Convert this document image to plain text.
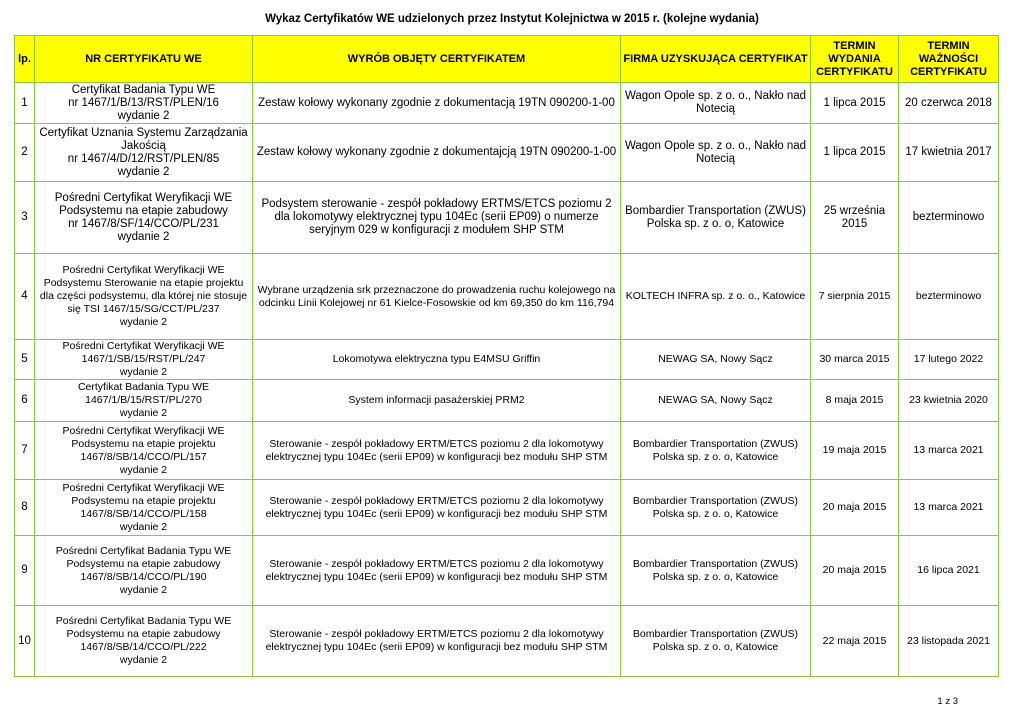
Wykaz Certyfikatów WE udzielonych przez Instytut Kolejnictwa w 2015 r. (kolejne wydania)
lp.	NR CERTYFIKATU WE	WYRÓB OBJĘTY CERTYFIKATEM	FIRMA UZYSKUJĄCA CERTYFIKAT	TERMIN WYDANIA CERTYFIKATU	TERMIN WAŻNOŚCI CERTYFIKATU
1	Certyfikat Badania Typu WE
nr 1467/1/B/13/RST/PLEN/16
wydanie 2	Zestaw kołowy wykonany zgodnie z dokumentacją 19TN 090200-1-00	Wagon Opole sp. z o. o., Nakło nad Notecią	1 lipca 2015	20 czerwca 2018
2	Certyfikat Uznania Systemu Zarządzania Jakością
nr 1467/4/D/12/RST/PLEN/85
wydanie 2	Zestaw kołowy wykonany zgodnie z dokumentajcją 19TN 090200-1-00	Wagon Opole sp. z o. o., Nakło nad Notecią	1 lipca 2015	17 kwietnia 2017
3	Pośredni Certyfikat Weryfikacji WE Podsystemu na etapie zabudowy
nr 1467/8/SF/14/CCO/PL/231
wydanie 2	Podsystem sterowanie - zespół pokładowy ERTMS/ETCS poziomu 2 dla lokomotywy elektrycznej typu 104Ec (serii EP09) o numerze seryjnym 029 w konfiguracji z modułem SHP STM	Bombardier Transportation (ZWUS) Polska sp. z o. o, Katowice	25 września 2015	bezterminowo
4	Pośredni Certyfikat Weryfikacji WE Podsystemu Sterowanie na etapie projektu dla części podsystemu, dla której nie stosuje się TSI 1467/15/SG/CCT/PL/237
wydanie 2	Wybrane urządzenia srk przeznaczone do prowadzenia ruchu kolejowego na odcinku Linii Kolejowej nr 61 Kielce-Fosowskie od km 69,350 do km 116,794	KOLTECH INFRA sp. z o. o., Katowice	7 sierpnia 2015	bezterminowo
5	Pośredni Certyfikat Weryfikacji WE
1467/1/SB/15/RST/PL/247
wydanie 2	Lokomotywa elektryczna typu E4MSU Griffin	NEWAG SA, Nowy Sącz	30 marca 2015	17 lutego 2022
6	Certyfikat Badania Typu WE
1467/1/B/15/RST/PL/270
wydanie 2	System informacji pasażerskiej PRM2	NEWAG SA, Nowy Sącz	8 maja 2015	23 kwietnia 2020
7	Pośredni Certyfikat Weryfikacji WE Podsystemu na etapie projektu 1467/8/SB/14/CCO/PL/157
wydanie 2	Sterowanie - zespół pokładowy ERTM/ETCS poziomu 2 dla lokomotywy elektrycznej typu 104Ec (serii EP09) w konfiguracji bez modułu SHP STM	Bombardier Transportation (ZWUS) Polska sp. z o. o, Katowice	19 maja 2015	13 marca 2021
8	Pośredni Certyfikat Weryfikacji WE Podsystemu na etapie projektu 1467/8/SB/14/CCO/PL/158
wydanie 2	Sterowanie - zespół pokładowy ERTM/ETCS poziomu 2 dla lokomotywy elektrycznej typu 104Ec (serii EP09) w konfiguracji bez modułu SHP STM	Bombardier Transportation (ZWUS) Polska sp. z o. o, Katowice	20 maja 2015	13 marca 2021
9	Pośredni Certyfikat Badania Typu WE Podsystemu na etapie zabudowy 1467/8/SB/14/CCO/PL/190
wydanie 2	Sterowanie - zespół pokładowy ERTM/ETCS poziomu 2 dla lokomotywy elektrycznej typu 104Ec (serii EP09) w konfiguracji bez modułu SHP STM	Bombardier Transportation (ZWUS) Polska sp. z o. o, Katowice	20 maja 2015	16 lipca 2021
10	Pośredni Certyfikat Badania Typu WE Podsystemu na etapie zabudowy 1467/8/SB/14/CCO/PL/222
wydanie 2	Sterowanie - zespół pokładowy ERTM/ETCS poziomu 2 dla lokomotywy elektrycznej typu 104Ec (serii EP09) w konfiguracji bez modułu SHP STM	Bombardier Transportation (ZWUS) Polska sp. z o. o, Katowice	22 maja 2015	23 listopada 2021
1 z 3
